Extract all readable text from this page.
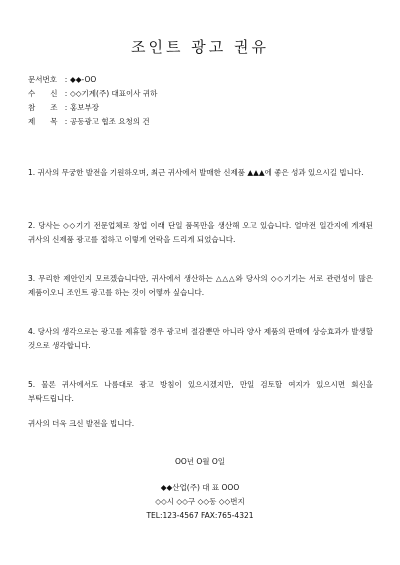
조인트 광고 권유
문서번호	: ◆◆-OO
수　　신 : ◇◇기계(주) 대표이사 귀하
참　　조 : 홍보부장
제　　목 : 공동광고 협조 요청의 건
1. 귀사의 무궁한 발전을 기원하오며, 최근 귀사에서 발매한 신제품 ▲▲▲에 좋은 성과 있으시길 빕니다.
2. 당사는 ◇◇기기 전문업체로 창업 이래 단일 품목만을 생산해 오고 있습니다. 얼마전 일간지에 게재된 귀사의 신제품 광고를 접하고 이렇게 연락을 드리게 되었습니다.
3. 무리한 제안인지 모르겠습니다만, 귀사에서 생산하는 △△△와 당사의 ◇◇기기는 서로 관련성이 많은 제품이오니 조인트 광고를 하는 것이 어떻까 싶습니다.
4. 당사의 생각으로는 광고를 제휴할 경우 광고비 절감뿐만 아니라 양사 제품의 판매에 상승효과가 발생할 것으로 생각합니다.
5. 물론 귀사에서도 나름대로 광고 방침이 있으시겠지만, 만일 검토할 여지가 있으시면 회신을 부탁드립니다.
귀사의 더욱 크신 발전을 빕니다.
OO년 O월 O일
◆◆산업(주) 대 표 OOO
◇◇시 ◇◇구 ◇◇동 ◇◇번지
TEL:123-4567 FAX:765-4321
